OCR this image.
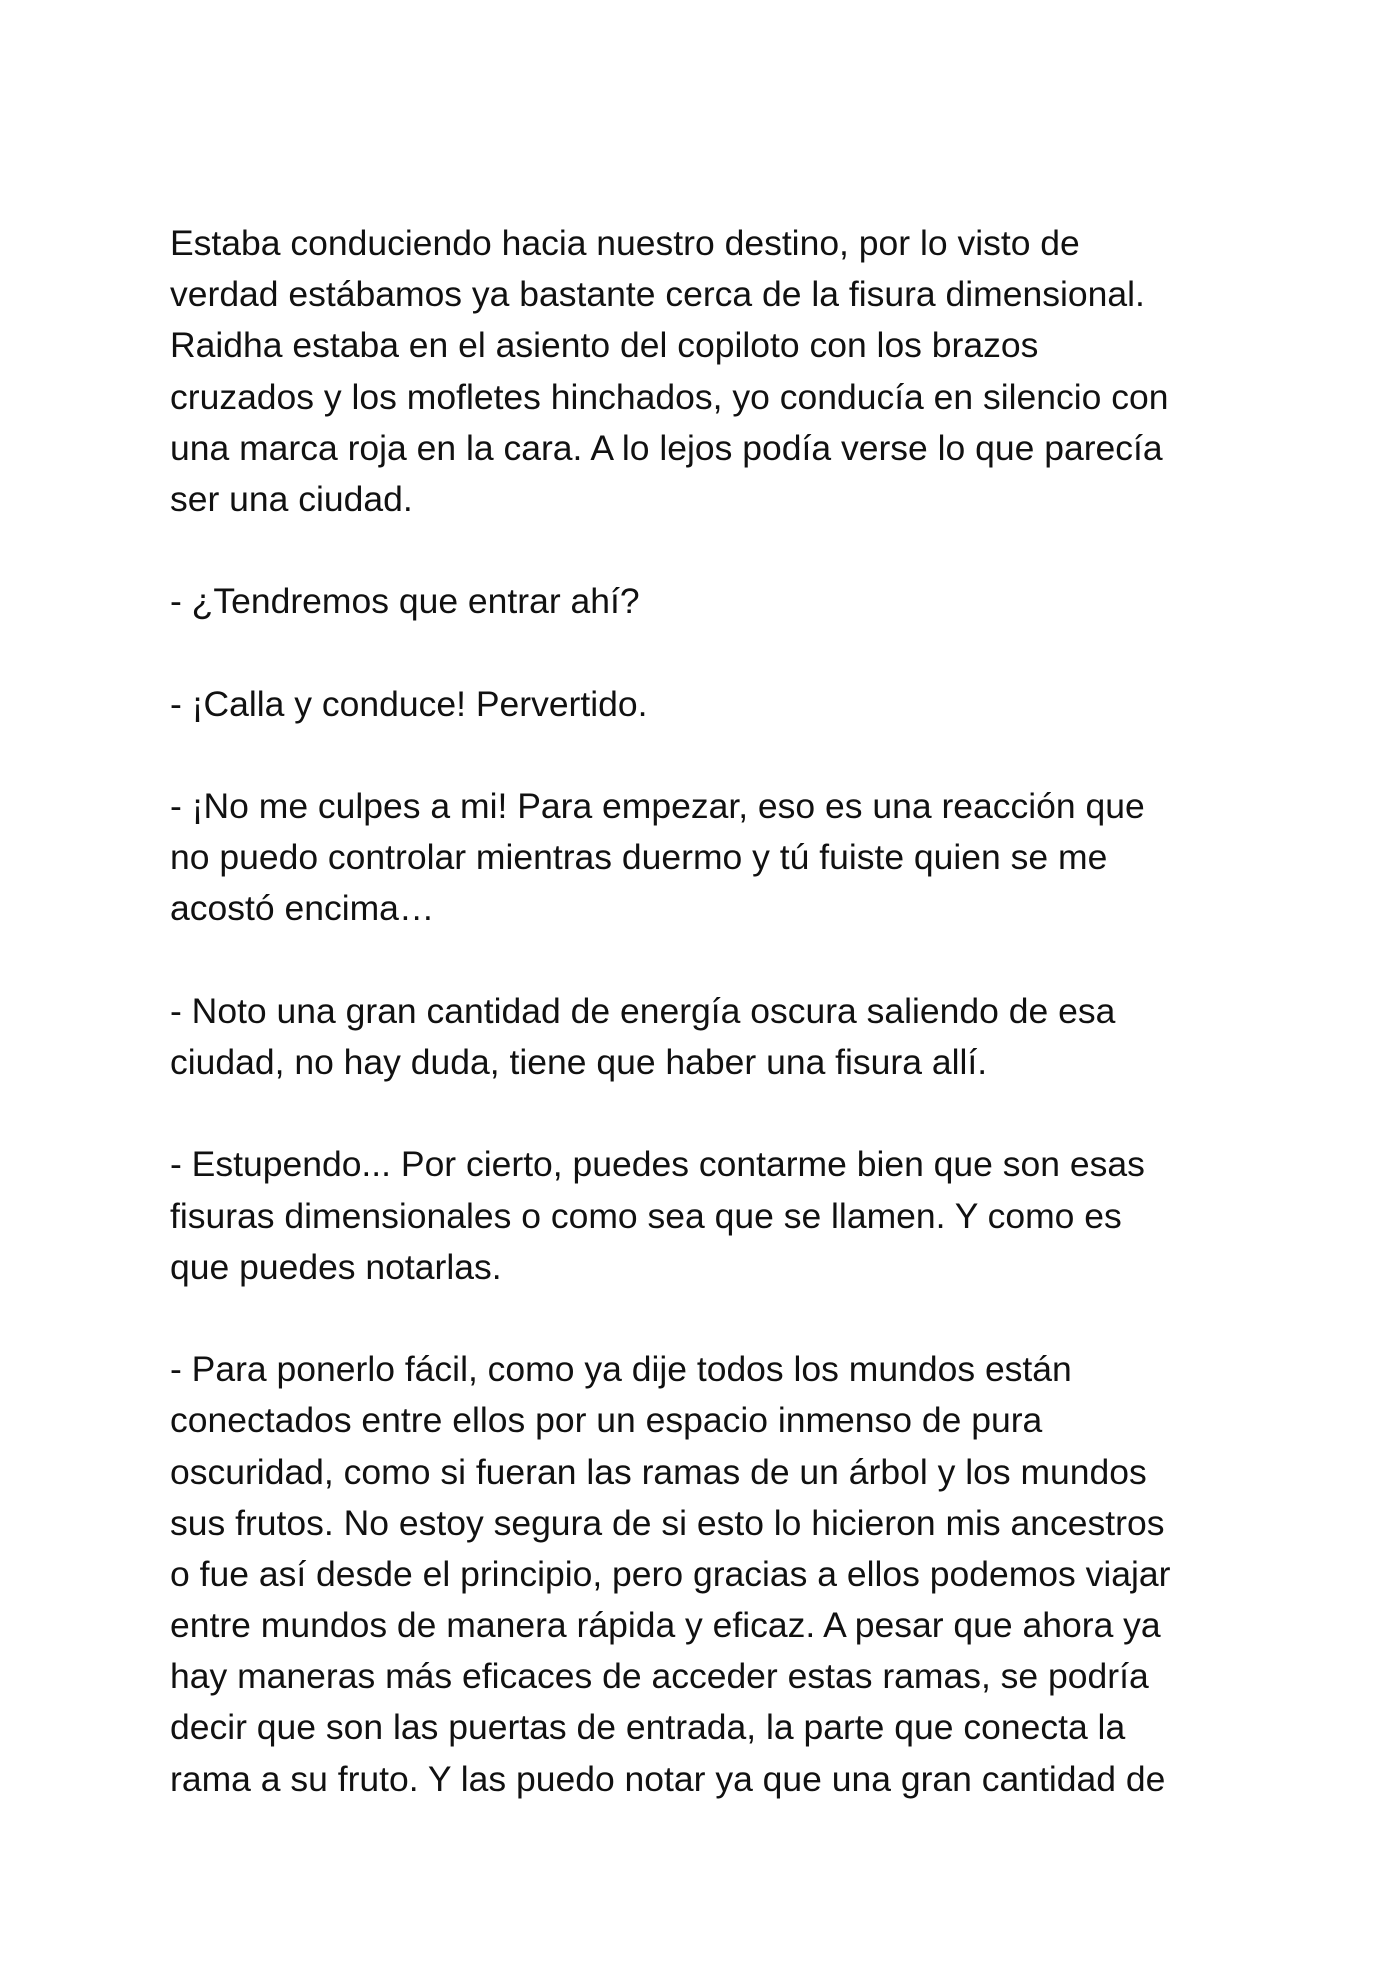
Estaba conduciendo hacia nuestro destino, por lo visto de
verdad estábamos ya bastante cerca de la fisura dimensional.
Raidha estaba en el asiento del copiloto con los brazos
cruzados y los mofletes hinchados, yo conducía en silencio con
una marca roja en la cara. A lo lejos podía verse lo que parecía
ser una ciudad.

- ¿Tendremos que entrar ahí?

- ¡Calla y conduce! Pervertido.

- ¡No me culpes a mi! Para empezar, eso es una reacción que
no puedo controlar mientras duermo y tú fuiste quien se me
acostó encima…

- Noto una gran cantidad de energía oscura saliendo de esa
ciudad, no hay duda, tiene que haber una fisura allí.

- Estupendo... Por cierto, puedes contarme bien que son esas
fisuras dimensionales o como sea que se llamen. Y como es
que puedes notarlas.

- Para ponerlo fácil, como ya dije todos los mundos están
conectados entre ellos por un espacio inmenso de pura
oscuridad, como si fueran las ramas de un árbol y los mundos
sus frutos. No estoy segura de si esto lo hicieron mis ancestros
o fue así desde el principio, pero gracias a ellos podemos viajar
entre mundos de manera rápida y eficaz. A pesar que ahora ya
hay maneras más eficaces de acceder estas ramas, se podría
decir que son las puertas de entrada, la parte que conecta la
rama a su fruto. Y las puedo notar ya que una gran cantidad de
